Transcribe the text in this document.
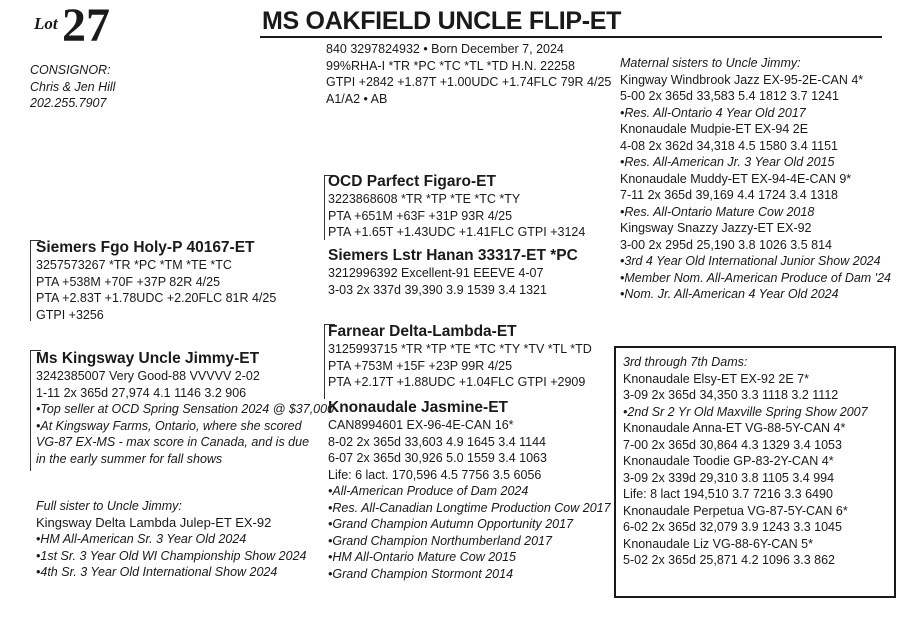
Lot 27	MS OAKFIELD UNCLE FLIP-ET
CONSIGNOR:
Chris & Jen Hill
202.255.7907
840 3297824932 • Born December 7, 2024
99%RHA-I *TR *PC *TC *TL *TD H.N. 22258
GTPI +2842 +1.87T +1.00UDC +1.74FLC 79R 4/25
A1/A2 • AB
OCD Parfect Figaro-ET
3223868608 *TR *TP *TE *TC *TY
PTA +651M +63F +31P 93R 4/25
PTA +1.65T +1.43UDC +1.41FLC GTPI +3124
Siemers Fgo Holy-P 40167-ET
3257573267 *TR *PC *TM *TE *TC
PTA +538M +70F +37P 82R 4/25
PTA +2.83T +1.78UDC +2.20FLC 81R 4/25
GTPI +3256
Siemers Lstr Hanan 33317-ET *PC
3212996392 Excellent-91 EEEVE 4-07
3-03 2x 337d 39,390 3.9 1539 3.4 1321
Ms Kingsway Uncle Jimmy-ET
3242385007 Very Good-88 VVVVV 2-02
1-11 2x 365d 27,974 4.1 1146 3.2 906
•Top seller at OCD Spring Sensation 2024 @ $37,000
•At Kingsway Farms, Ontario, where she scored
VG-87 EX-MS - max score in Canada, and is due
in the early summer for fall shows
Full sister to Uncle Jimmy:
Kingsway Delta Lambda Julep-ET EX-92
•HM All-American Sr. 3 Year Old 2024
•1st Sr. 3 Year Old WI Championship Show 2024
•4th Sr. 3 Year Old International Show 2024
Farnear Delta-Lambda-ET
3125993715 *TR *TP *TE *TC *TY *TV *TL *TD
PTA +753M +15F +23P 99R 4/25
PTA +2.17T +1.88UDC +1.04FLC GTPI +2909
Knonaudale Jasmine-ET
CAN8994601 EX-96-4E-CAN 16*
8-02 2x 365d 33,603 4.9 1645 3.4 1144
6-07 2x 365d 30,926 5.0 1559 3.4 1063
Life: 6 lact. 170,596 4.5 7756 3.5 6056
•All-American Produce of Dam 2024
•Res. All-Canadian Longtime Production Cow 2017
•Grand Champion Autumn Opportunity 2017
•Grand Champion Northumberland 2017
•HM All-Ontario Mature Cow 2015
•Grand Champion Stormont 2014
Maternal sisters to Uncle Jimmy:
Kingway Windbrook Jazz EX-95-2E-CAN 4*
5-00 2x 365d 33,583 5.4 1812 3.7 1241
•Res. All-Ontario 4 Year Old 2017
Knonaudale Mudpie-ET EX-94 2E
4-08 2x 362d 34,318 4.5 1580 3.4 1151
•Res. All-American Jr. 3 Year Old 2015
Knonaudale Muddy-ET EX-94-4E-CAN 9*
7-11 2x 365d 39,169 4.4 1724 3.4 1318
•Res. All-Ontario Mature Cow 2018
Kingsway Snazzy Jazzy-ET EX-92
3-00 2x 295d 25,190 3.8 1026 3.5 814
•3rd 4 Year Old International Junior Show 2024
•Member Nom. All-American Produce of Dam '24
•Nom. Jr. All-American 4 Year Old 2024
3rd through 7th Dams:
Knonaudale Elsy-ET EX-92 2E 7*
3-09 2x 365d 34,350 3.3 1118 3.2 1112
•2nd Sr 2 Yr Old Maxville Spring Show 2007
Knonaudale Anna-ET VG-88-5Y-CAN 4*
7-00 2x 365d 30,864 4.3 1329 3.4 1053
Knonaudale Toodie GP-83-2Y-CAN 4*
3-09 2x 339d 29,310 3.8 1105 3.4 994
Life: 8 lact 194,510 3.7 7216 3.3 6490
Knonaudale Perpetua VG-87-5Y-CAN 6*
6-02 2x 365d 32,079 3.9 1243 3.3 1045
Knonaudale Liz VG-88-6Y-CAN 5*
5-02 2x 365d 25,871 4.2 1096 3.3 862
